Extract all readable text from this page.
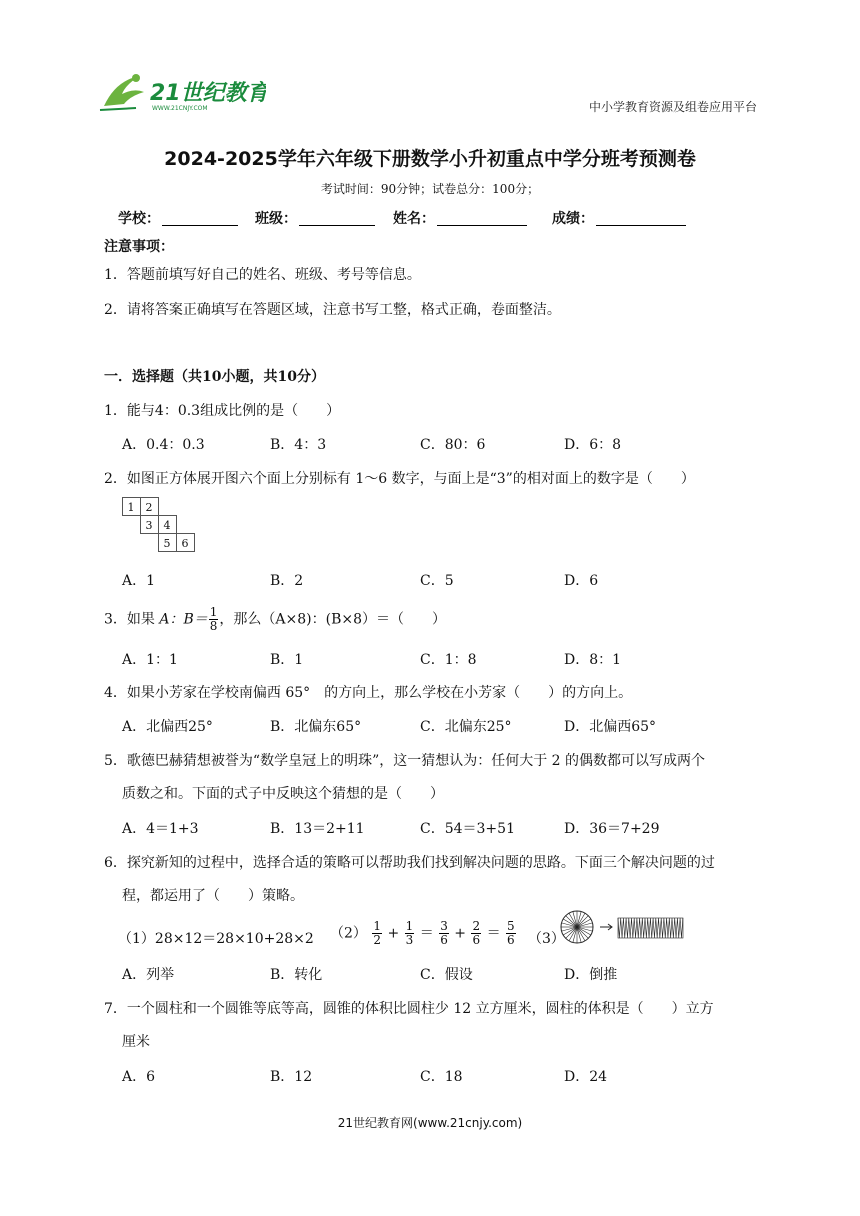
21世纪教育
WWW.21CNJY.COM	中小学教育资源及组卷应用平台
2024-2025学年六年级下册数学小升初重点中学分班考预测卷
考试时间：90分钟；试卷总分：100分；
学校：	班级：	姓名：	成绩：
注意事项：
1．答题前填写好自己的姓名、班级、考号等信息。
2．请将答案正确填写在答题区域，注意书写工整，格式正确，卷面整洁。
一．选择题（共10小题，共10分）
1．能与4：0.3组成比例的是（　　）
A．0.4：0.3	B．4：3	C．80：6	D．6：8
2．如图正方体展开图六个面上分别标有 1～6 数字，与面上是“3”的相对面上的数字是（　　）
1 2
3 4
5 6
A．1	B．2	C．5	D．6
3．如果 A：$B= \frac{1}{8}$ ，那么（A×8)：(B×8）＝（　　）
A．1：1	B．1	C．1：8	D．8：1
4．如果小芳家在学校南偏西 65°　的方向上，那么学校在小芳家（　　）的方向上。
A．北偏西25°	B．北偏东65°	C．北偏东25°	D．北偏西65°
5．歌德巴赫猜想被誉为“数学皇冠上的明珠”，这一猜想认为：任何大于 2 的偶数都可以写成两个
质数之和。下面的式子中反映这个猜想的是（　　）
A．4＝1+3	B．13＝2+11	C．54＝3+51	D．36＝7+29
6．探究新知的过程中，选择合适的策略可以帮助我们找到解决问题的思路。下面三个解决问题的过
程，都运用了（　　）策略。
（1）28×12＝28×10+28×2 $(2) \frac{1}{2} + \frac{1}{3} = \frac{3}{6} + \frac{2}{6} = \frac{5}{6} (3)$
A．列举	B．转化	C．假设	D．倒推
7．一个圆柱和一个圆锥等底等高，圆锥的体积比圆柱少 12 立方厘米，圆柱的体积是（　　）立方
厘米
A．6	B．12	C．18	D．24
21世纪教育网(www.21cnjy.com)
